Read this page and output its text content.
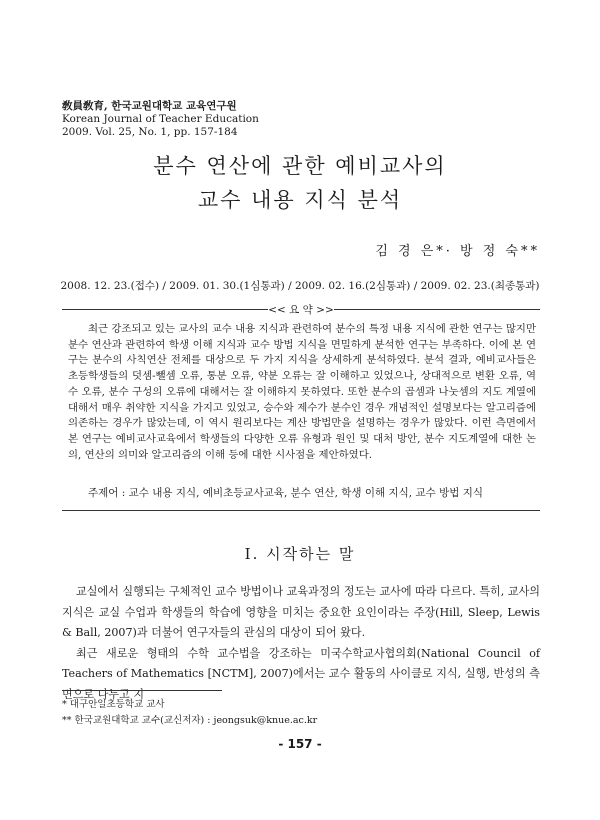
敎員敎育, 한국교원대학교 교육연구원
Korean Journal of Teacher Education
2009. Vol. 25, No. 1, pp. 157-184
분수 연산에 관한 예비교사의
교수 내용 지식 분석
김 경 은*· 방 정 숙**
2008. 12. 23.(접수) / 2009. 01. 30.(1심통과) / 2009. 02. 16.(2심통과) / 2009. 02. 23.(최종통과)
<< 요 약 >>
최근 강조되고 있는 교사의 교수 내용 지식과 관련하여 분수의 특정 내용 지식에 관한 연구는 많지만 분수 연산과 관련하여 학생 이해 지식과 교수 방법 지식을 면밀하게 분석한 연구는 부족하다. 이에 본 연구는 분수의 사칙연산 전체를 대상으로 두 가지 지식을 상세하게 분석하였다. 분석 결과, 예비교사들은 초등학생들의 덧셈-뺄셈 오류, 통분 오류, 약분 오류는 잘 이해하고 있었으나, 상대적으로 변환 오류, 역수 오류, 분수 구성의 오류에 대해서는 잘 이해하지 못하였다. 또한 분수의 곱셈과 나눗셈의 지도 계열에 대해서 매우 취약한 지식을 가지고 있었고, 승수와 제수가 분수인 경우 개념적인 설명보다는 알고리즘에 의존하는 경우가 많았는데, 이 역시 원리보다는 계산 방법만을 설명하는 경우가 많았다. 이런 측면에서 본 연구는 예비교사교육에서 학생들의 다양한 오류 유형과 원인 및 대처 방안, 분수 지도계열에 대한 논의, 연산의 의미와 알고리즘의 이해 등에 대한 시사점을 제안하였다.
주제어 : 교수 내용 지식, 예비초등교사교육, 분수 연산, 학생 이해 지식, 교수 방법 지식
Ⅰ. 시작하는 말

교실에서 실행되는 구체적인 교수 방법이나 교육과정의 정도는 교사에 따라 다르다. 특히, 교사의 지식은 교실 수업과 학생들의 학습에 영향을 미치는 중요한 요인이라는 주장(Hill, Sleep, Lewis & Ball, 2007)과 더불어 연구자들의 관심의 대상이 되어 왔다.

최근 새로운 형태의 수학 교수법을 강조하는 미국수학교사협의회(National Council of Teachers of Mathematics [NCTM], 2007)에서는 교수 활동의 사이클로 지식, 실행, 반성의 측면으로 나누고 지

* 대구안일초등학교 교사
** 한국교원대학교 교수(교신저자) : jeongsuk@knue.ac.kr
- 157 -
